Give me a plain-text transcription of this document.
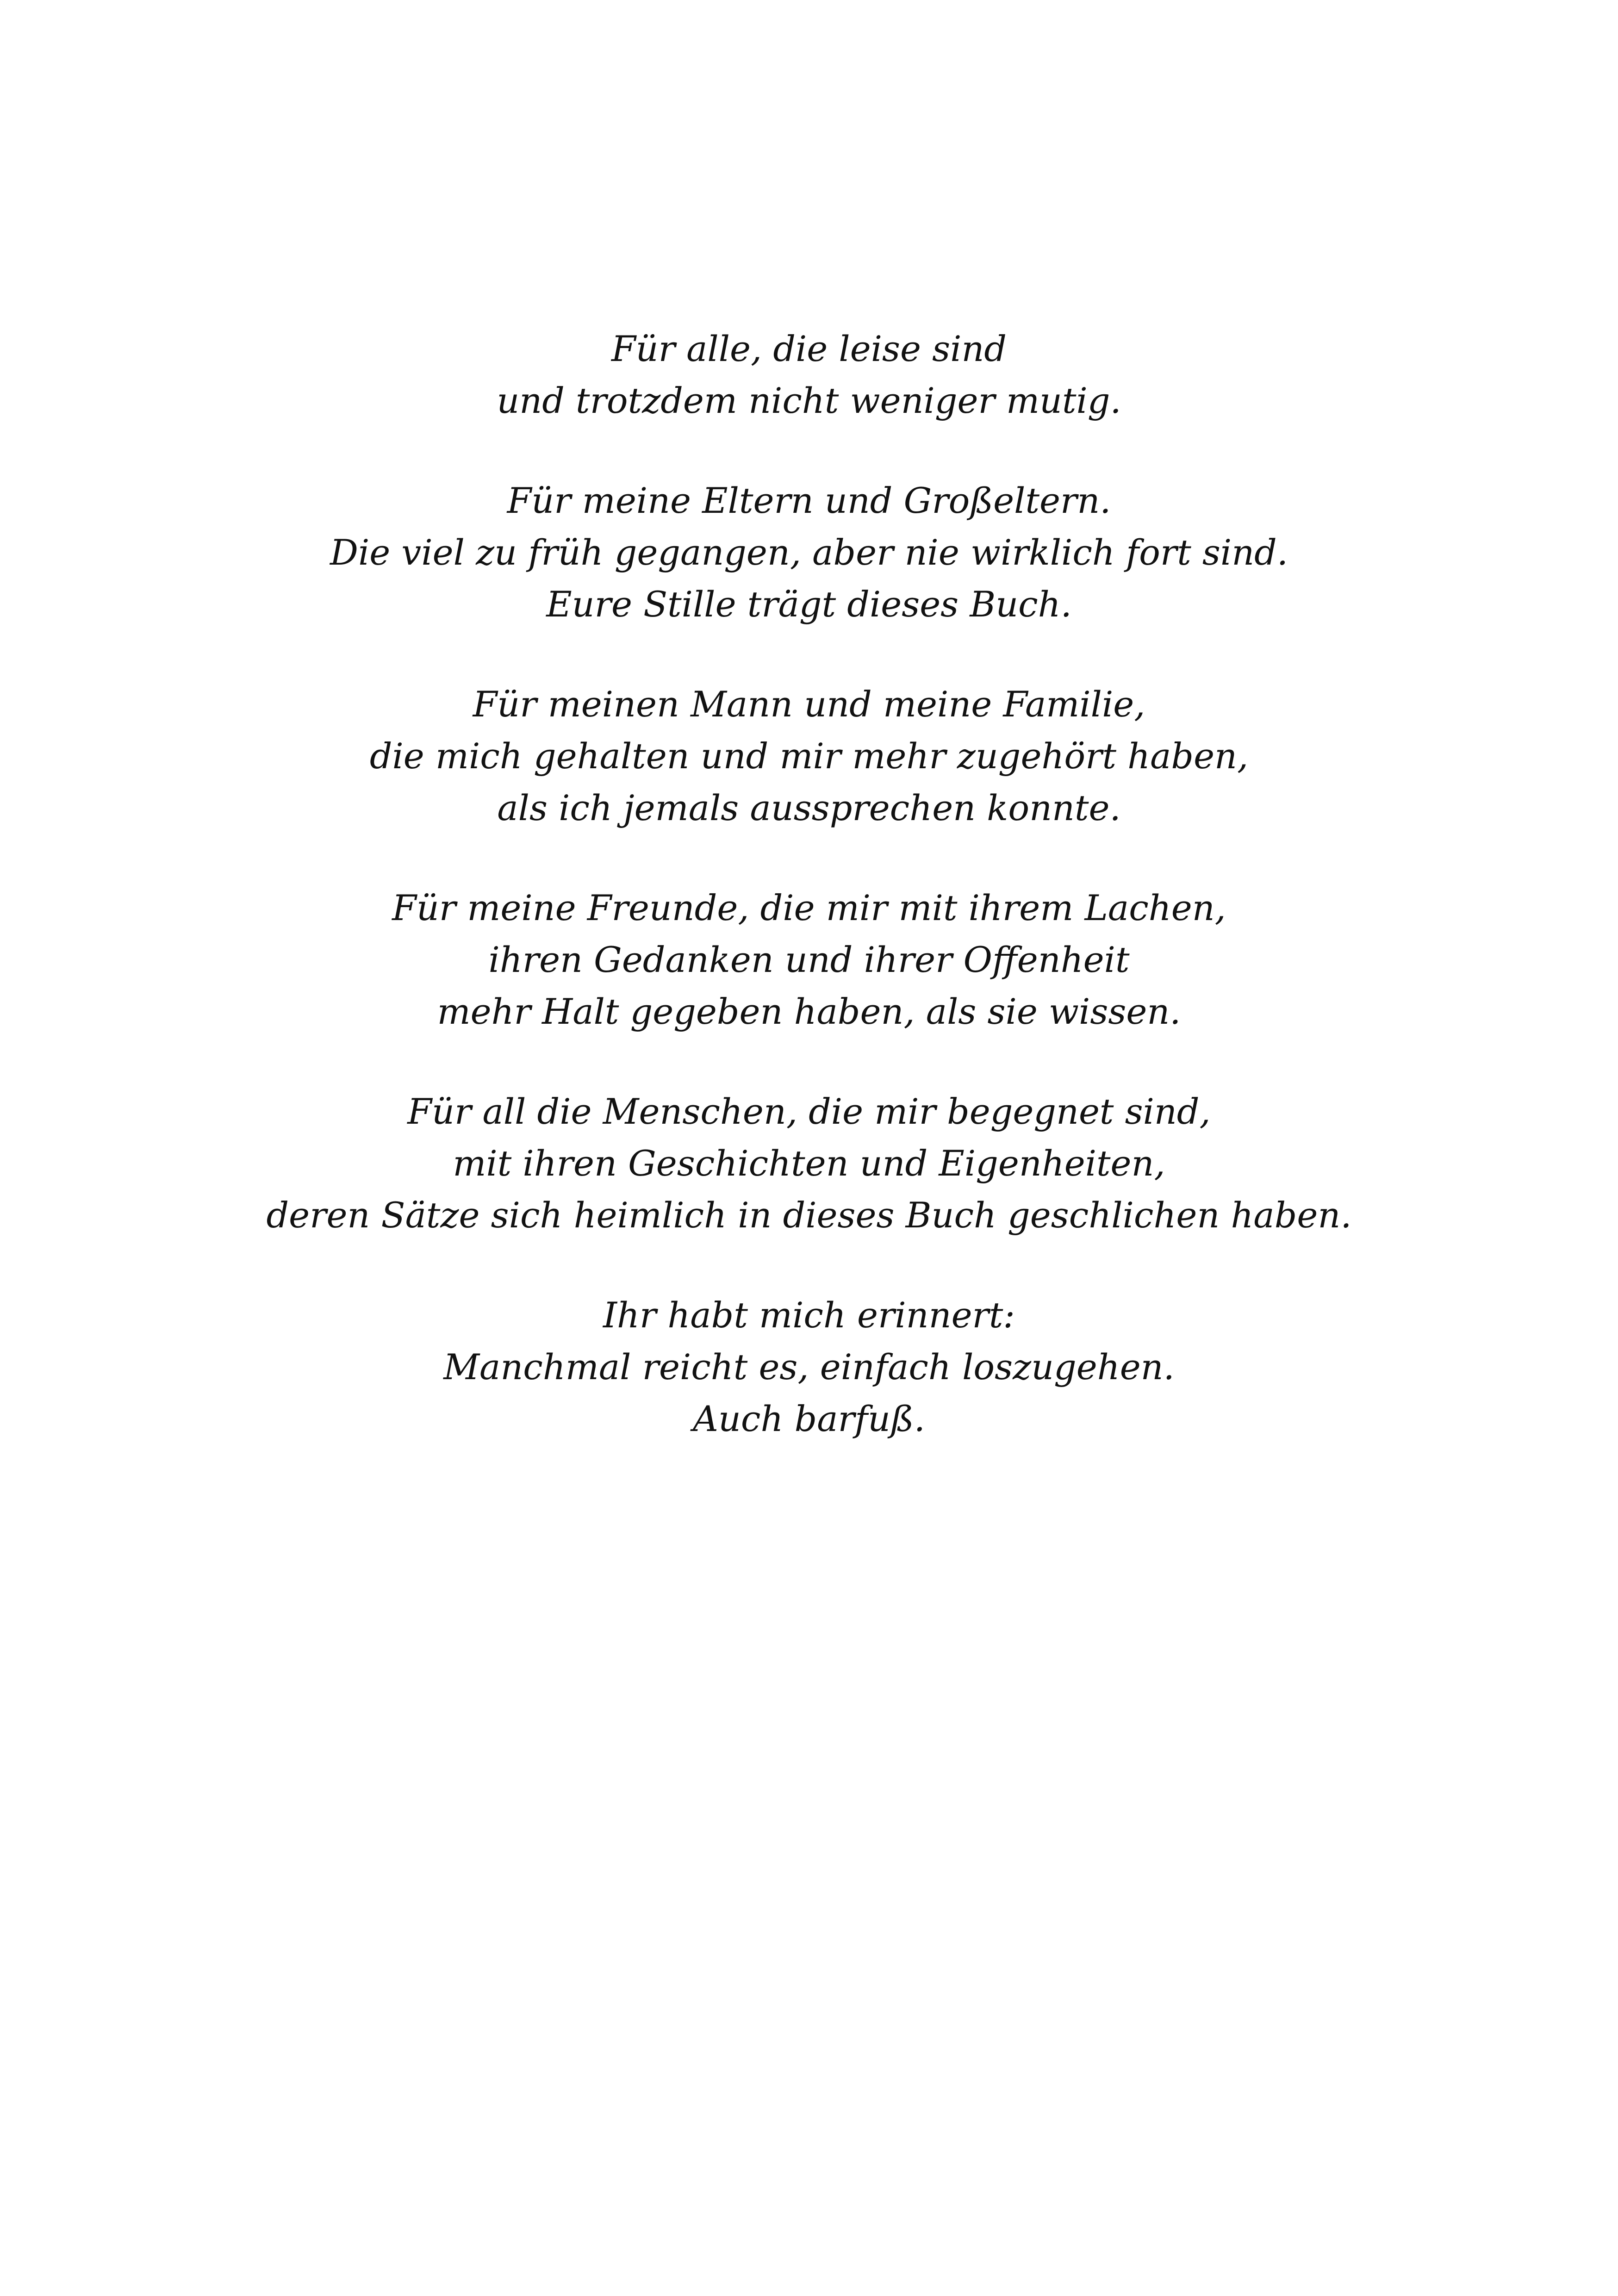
Für alle, die leise sind
und trotzdem nicht weniger mutig.

Für meine Eltern und Großeltern.
Die viel zu früh gegangen, aber nie wirklich fort sind.
Eure Stille trägt dieses Buch.

Für meinen Mann und meine Familie,
die mich gehalten und mir mehr zugehört haben,
als ich jemals aussprechen konnte.

Für meine Freunde, die mir mit ihrem Lachen,
ihren Gedanken und ihrer Offenheit
mehr Halt gegeben haben, als sie wissen.

Für all die Menschen, die mir begegnet sind,
mit ihren Geschichten und Eigenheiten,
deren Sätze sich heimlich in dieses Buch geschlichen haben.

Ihr habt mich erinnert:
Manchmal reicht es, einfach loszugehen.
Auch barfuß.
